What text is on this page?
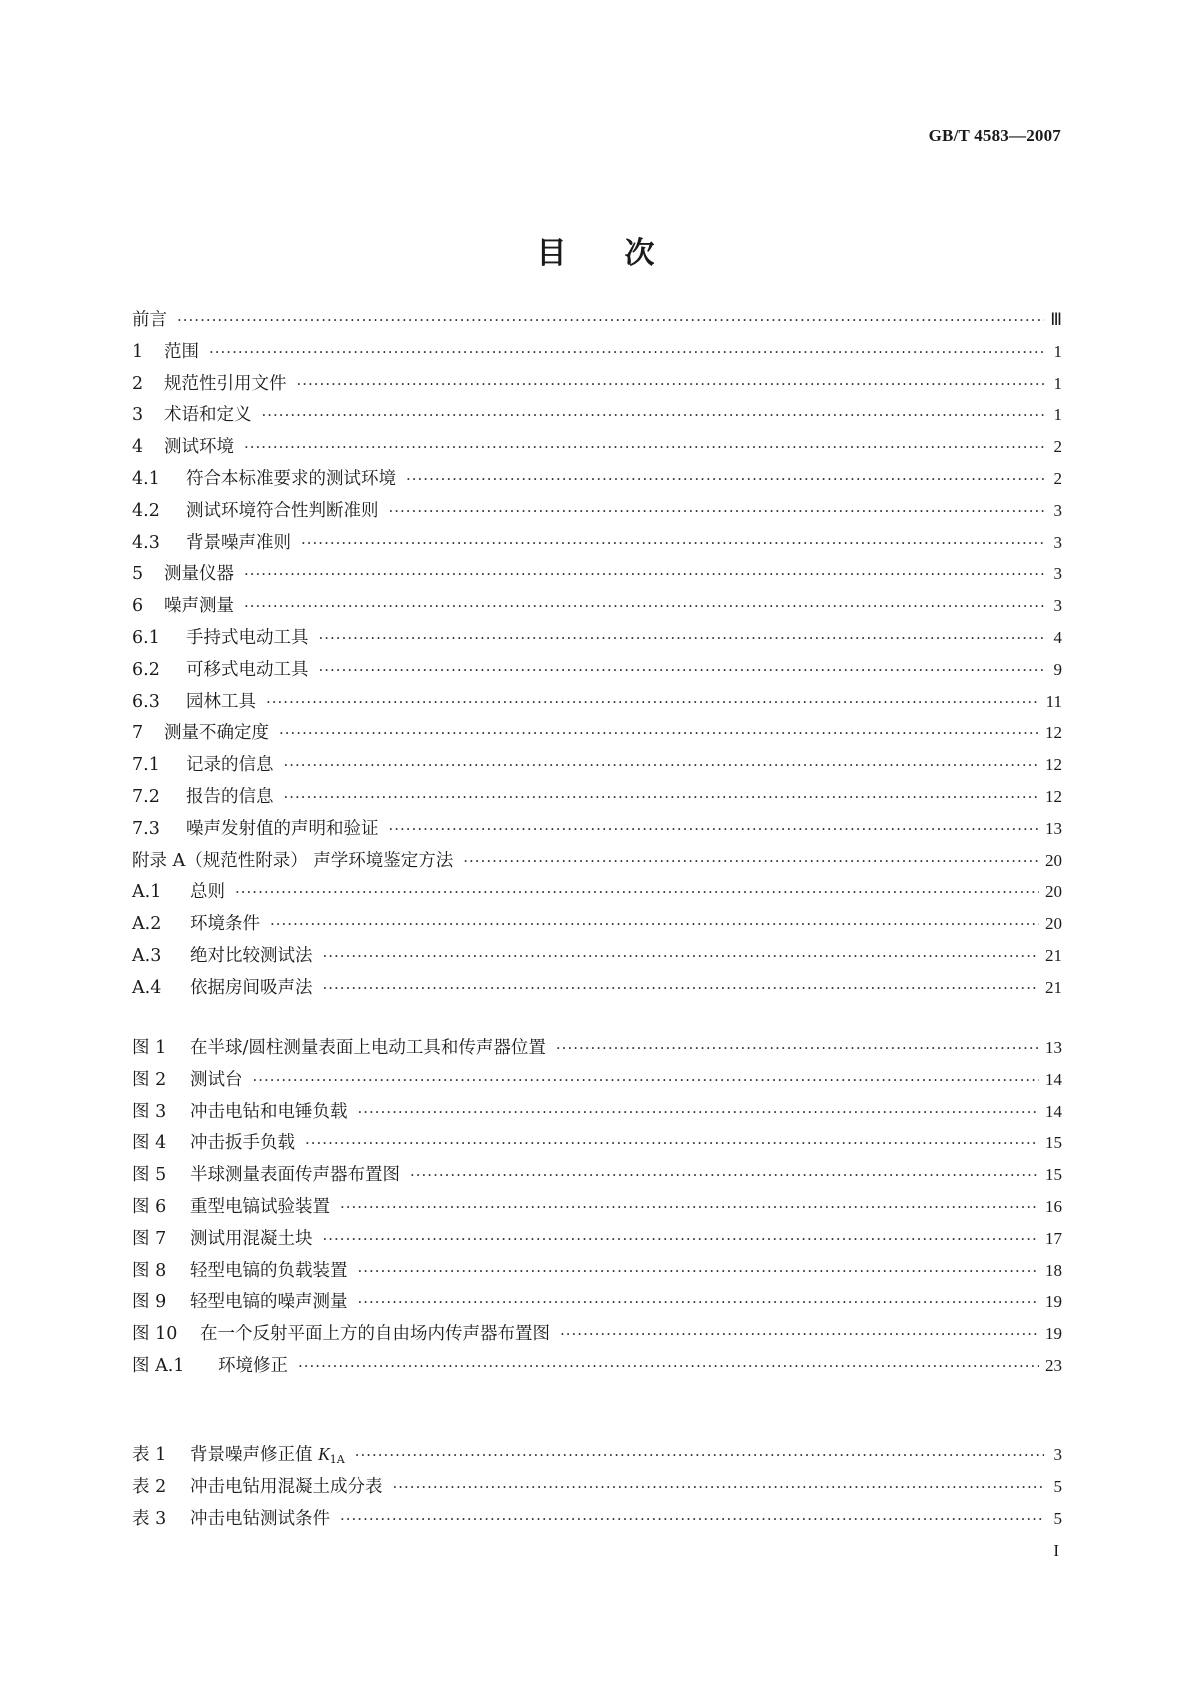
GB/T 4583—2007
目次
前言 ·····	Ⅲ
1	范围 ·····	1
2	规范性引用文件 ·····	1
3	术语和定义 ·····	1
4	测试环境 ·····	2
4.1	符合本标准要求的测试环境 ·····	2
4.2	测试环境符合性判断准则 ·····	3
4.3	背景噪声准则 ·····	3
5	测量仪器 ·····	3
6	噪声测量 ·····	3
6.1	手持式电动工具 ·····	4
6.2	可移式电动工具 ·····	9
6.3	园林工具 ·····	11
7	测量不确定度 ·····	12
7.1	记录的信息 ·····	12
7.2	报告的信息 ·····	12
7.3	噪声发射值的声明和验证 ·····	13
附录 A（规范性附录） 声学环境鉴定方法 ·····	20
A.1	总则 ·····	20
A.2	环境条件 ·····	20
A.3	绝对比较测试法 ·····	21
A.4	依据房间吸声法 ·····	21
图 1	在半球/圆柱测量表面上电动工具和传声器位置 ·····	13
图 2	测试台 ·····	14
图 3	冲击电钻和电锤负载 ·····	14
图 4	冲击扳手负载 ·····	15
图 5	半球测量表面传声器布置图 ·····	15
图 6	重型电镐试验装置 ·····	16
图 7	测试用混凝土块 ·····	17
图 8	轻型电镐的负载装置 ·····	18
图 9	轻型电镐的噪声测量 ·····	19
图 10	在一个反射平面上方的自由场内传声器布置图 ·····	19
图 A.1	环境修正 ·····	23
表 1	背景噪声修正值 $K_{1A}$ ·····	3
表 2	冲击电钻用混凝土成分表 ·····	5
表 3	冲击电钻测试条件 ·····	5
I
